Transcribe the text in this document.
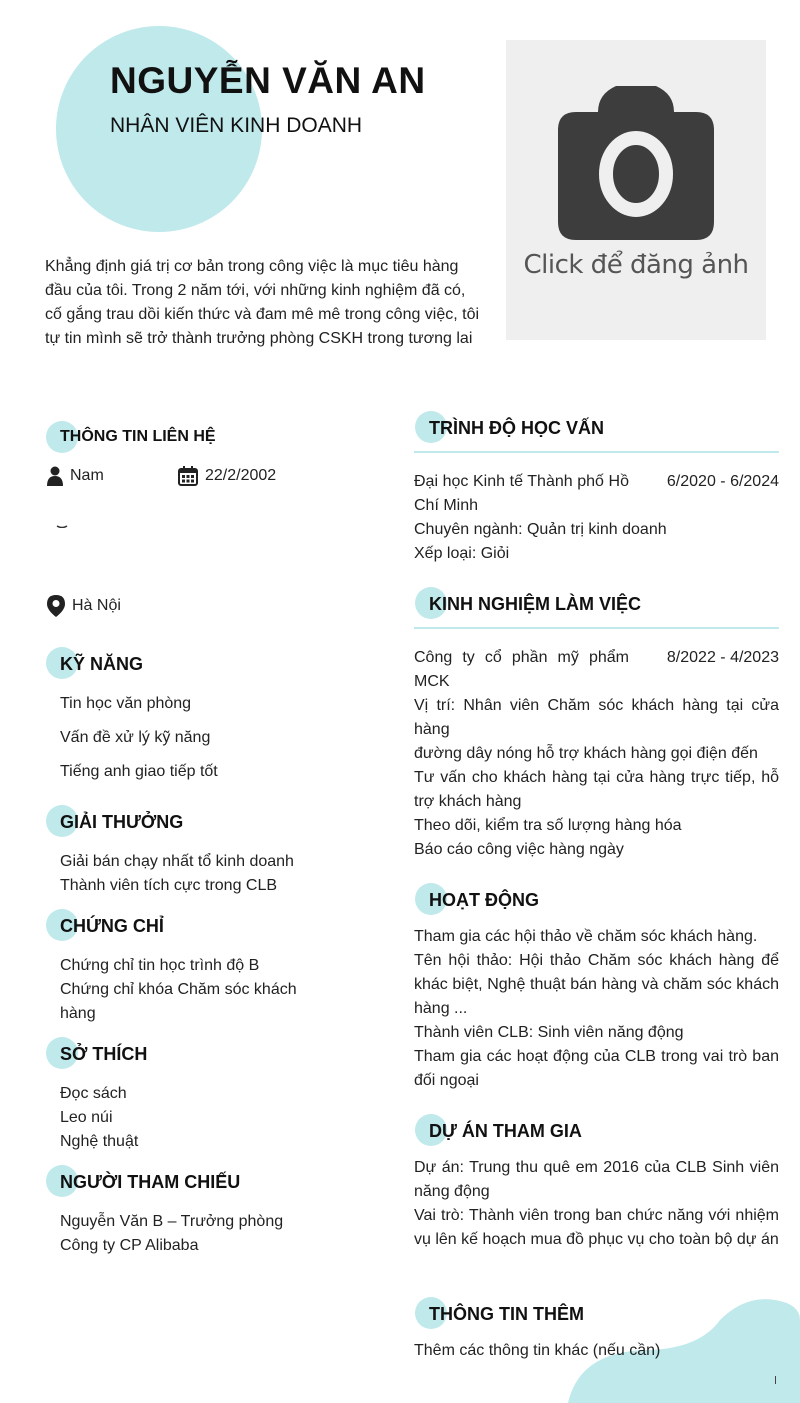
NGUYỄN VĂN AN
NHÂN VIÊN KINH DOANH
Khẳng định giá trị cơ bản trong công việc là mục tiêu hàng đầu của tôi. Trong 2 năm tới, với những kinh nghiệm đã có, cố gắng trau dồi kiến thức và đam mê mê trong công việc, tôi tự tin mình sẽ trở thành trưởng phòng CSKH trong tương lai
Click để đăng ảnh
THÔNG TIN LIÊN HỆ
Nam	22/2/2002
Hà Nội
KỸ NĂNG
Tin học văn phòng
Vấn đề xử lý kỹ năng
Tiếng anh giao tiếp tốt
GIẢI THƯỞNG
Giải bán chạy nhất tổ kinh doanh
Thành viên tích cực trong CLB
CHỨNG CHỈ
Chứng chỉ tin học trình độ B
Chứng chỉ khóa Chăm sóc khách hàng
SỞ THÍCH
Đọc sách
Leo núi
Nghệ thuật
NGƯỜI THAM CHIẾU
Nguyễn Văn B – Trưởng phòng
Công ty CP Alibaba
TRÌNH ĐỘ HỌC VẤN
Đại học Kinh tế Thành phố Hồ Chí Minh
6/2020 - 6/2024
Chuyên ngành: Quản trị kinh doanh
Xếp loại: Giỏi
KINH NGHIỆM LÀM VIỆC
Công ty cổ phần mỹ phẩm MCK
8/2022 - 4/2023
Vị trí: Nhân viên Chăm sóc khách hàng tại cửa hàng
đường dây nóng hỗ trợ khách hàng gọi điện đến
Tư vấn cho khách hàng tại cửa hàng trực tiếp, hỗ trợ khách hàng
Theo dõi, kiểm tra số lượng hàng hóa
Báo cáo công việc hàng ngày
HOẠT ĐỘNG
Tham gia các hội thảo về chăm sóc khách hàng.
Tên hội thảo: Hội thảo Chăm sóc khách hàng để khác biệt, Nghệ thuật bán hàng và chăm sóc khách hàng ...
Thành viên CLB: Sinh viên năng động
Tham gia các hoạt động của CLB trong vai trò ban đối ngoại
DỰ ÁN THAM GIA
Dự án: Trung thu quê em 2016 của CLB Sinh viên năng động
Vai trò: Thành viên trong ban chức năng với nhiệm vụ lên kế hoạch mua đồ phục vụ cho toàn bộ dự án
THÔNG TIN THÊM
Thêm các thông tin khác (nếu cần)
